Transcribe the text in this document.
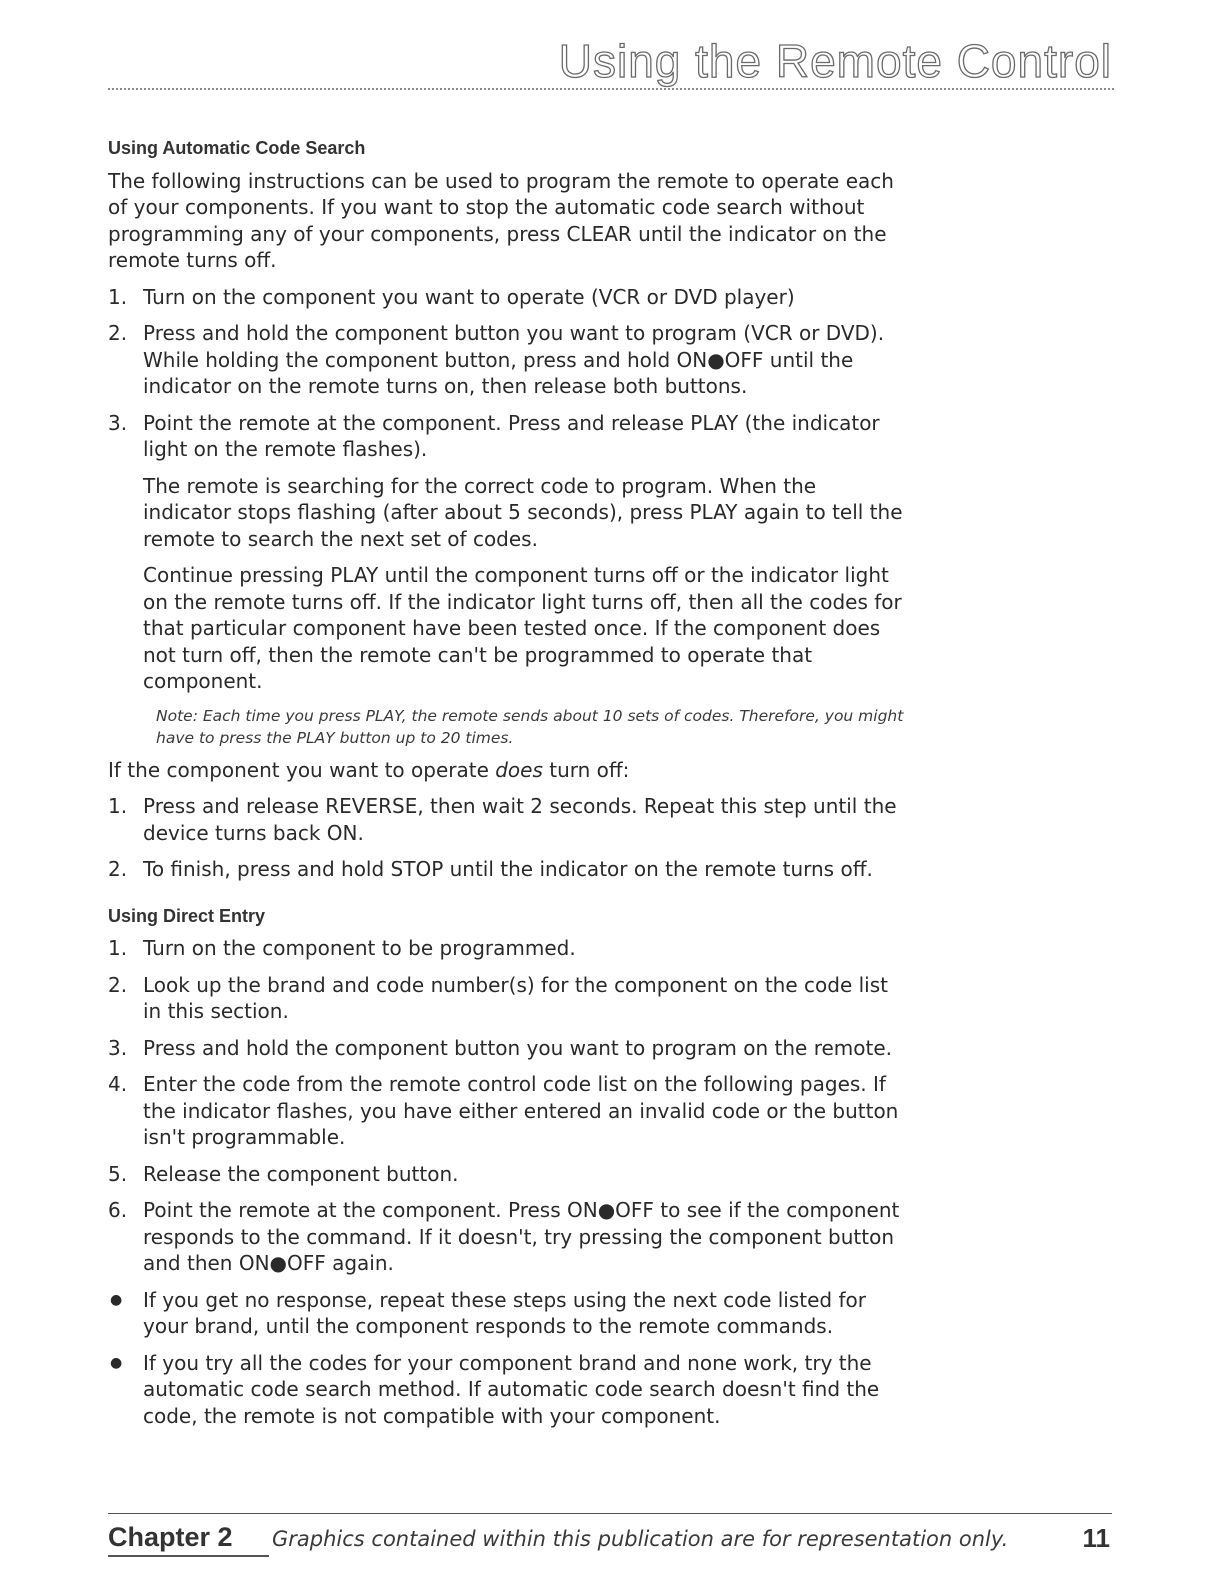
Using the Remote Control
Using Automatic Code Search

The following instructions can be used to program the remote to operate each of your components. If you want to stop the automatic code search without programming any of your components, press CLEAR until the indicator on the remote turns off.

1. Turn on the component you want to operate (VCR or DVD player)
2. Press and hold the component button you want to program (VCR or DVD). While holding the component button, press and hold ON●OFF until the indicator on the remote turns on, then release both buttons.
3. Point the remote at the component. Press and release PLAY (the indicator light on the remote flashes).

The remote is searching for the correct code to program. When the indicator stops flashing (after about 5 seconds), press PLAY again to tell the remote to search the next set of codes.

Continue pressing PLAY until the component turns off or the indicator light on the remote turns off. If the indicator light turns off, then all the codes for that particular component have been tested once. If the component does not turn off, then the remote can't be programmed to operate that component.

Note: Each time you press PLAY, the remote sends about 10 sets of codes. Therefore, you might have to press the PLAY button up to 20 times.

If the component you want to operate does turn off:

1. Press and release REVERSE, then wait 2 seconds. Repeat this step until the device turns back ON.
2. To finish, press and hold STOP until the indicator on the remote turns off.
Using Direct Entry
1. Turn on the component to be programmed.
2. Look up the brand and code number(s) for the component on the code list in this section.
3. Press and hold the component button you want to program on the remote.
4. Enter the code from the remote control code list on the following pages. If the indicator flashes, you have either entered an invalid code or the button isn't programmable.
5. Release the component button.
6. Point the remote at the component. Press ON●OFF to see if the component responds to the command. If it doesn't, try pressing the component button and then ON●OFF again.
● If you get no response, repeat these steps using the next code listed for your brand, until the component responds to the remote commands.
● If you try all the codes for your component brand and none work, try the automatic code search method. If automatic code search doesn't find the code, the remote is not compatible with your component.
Chapter 2	Graphics contained within this publication are for representation only.	11
